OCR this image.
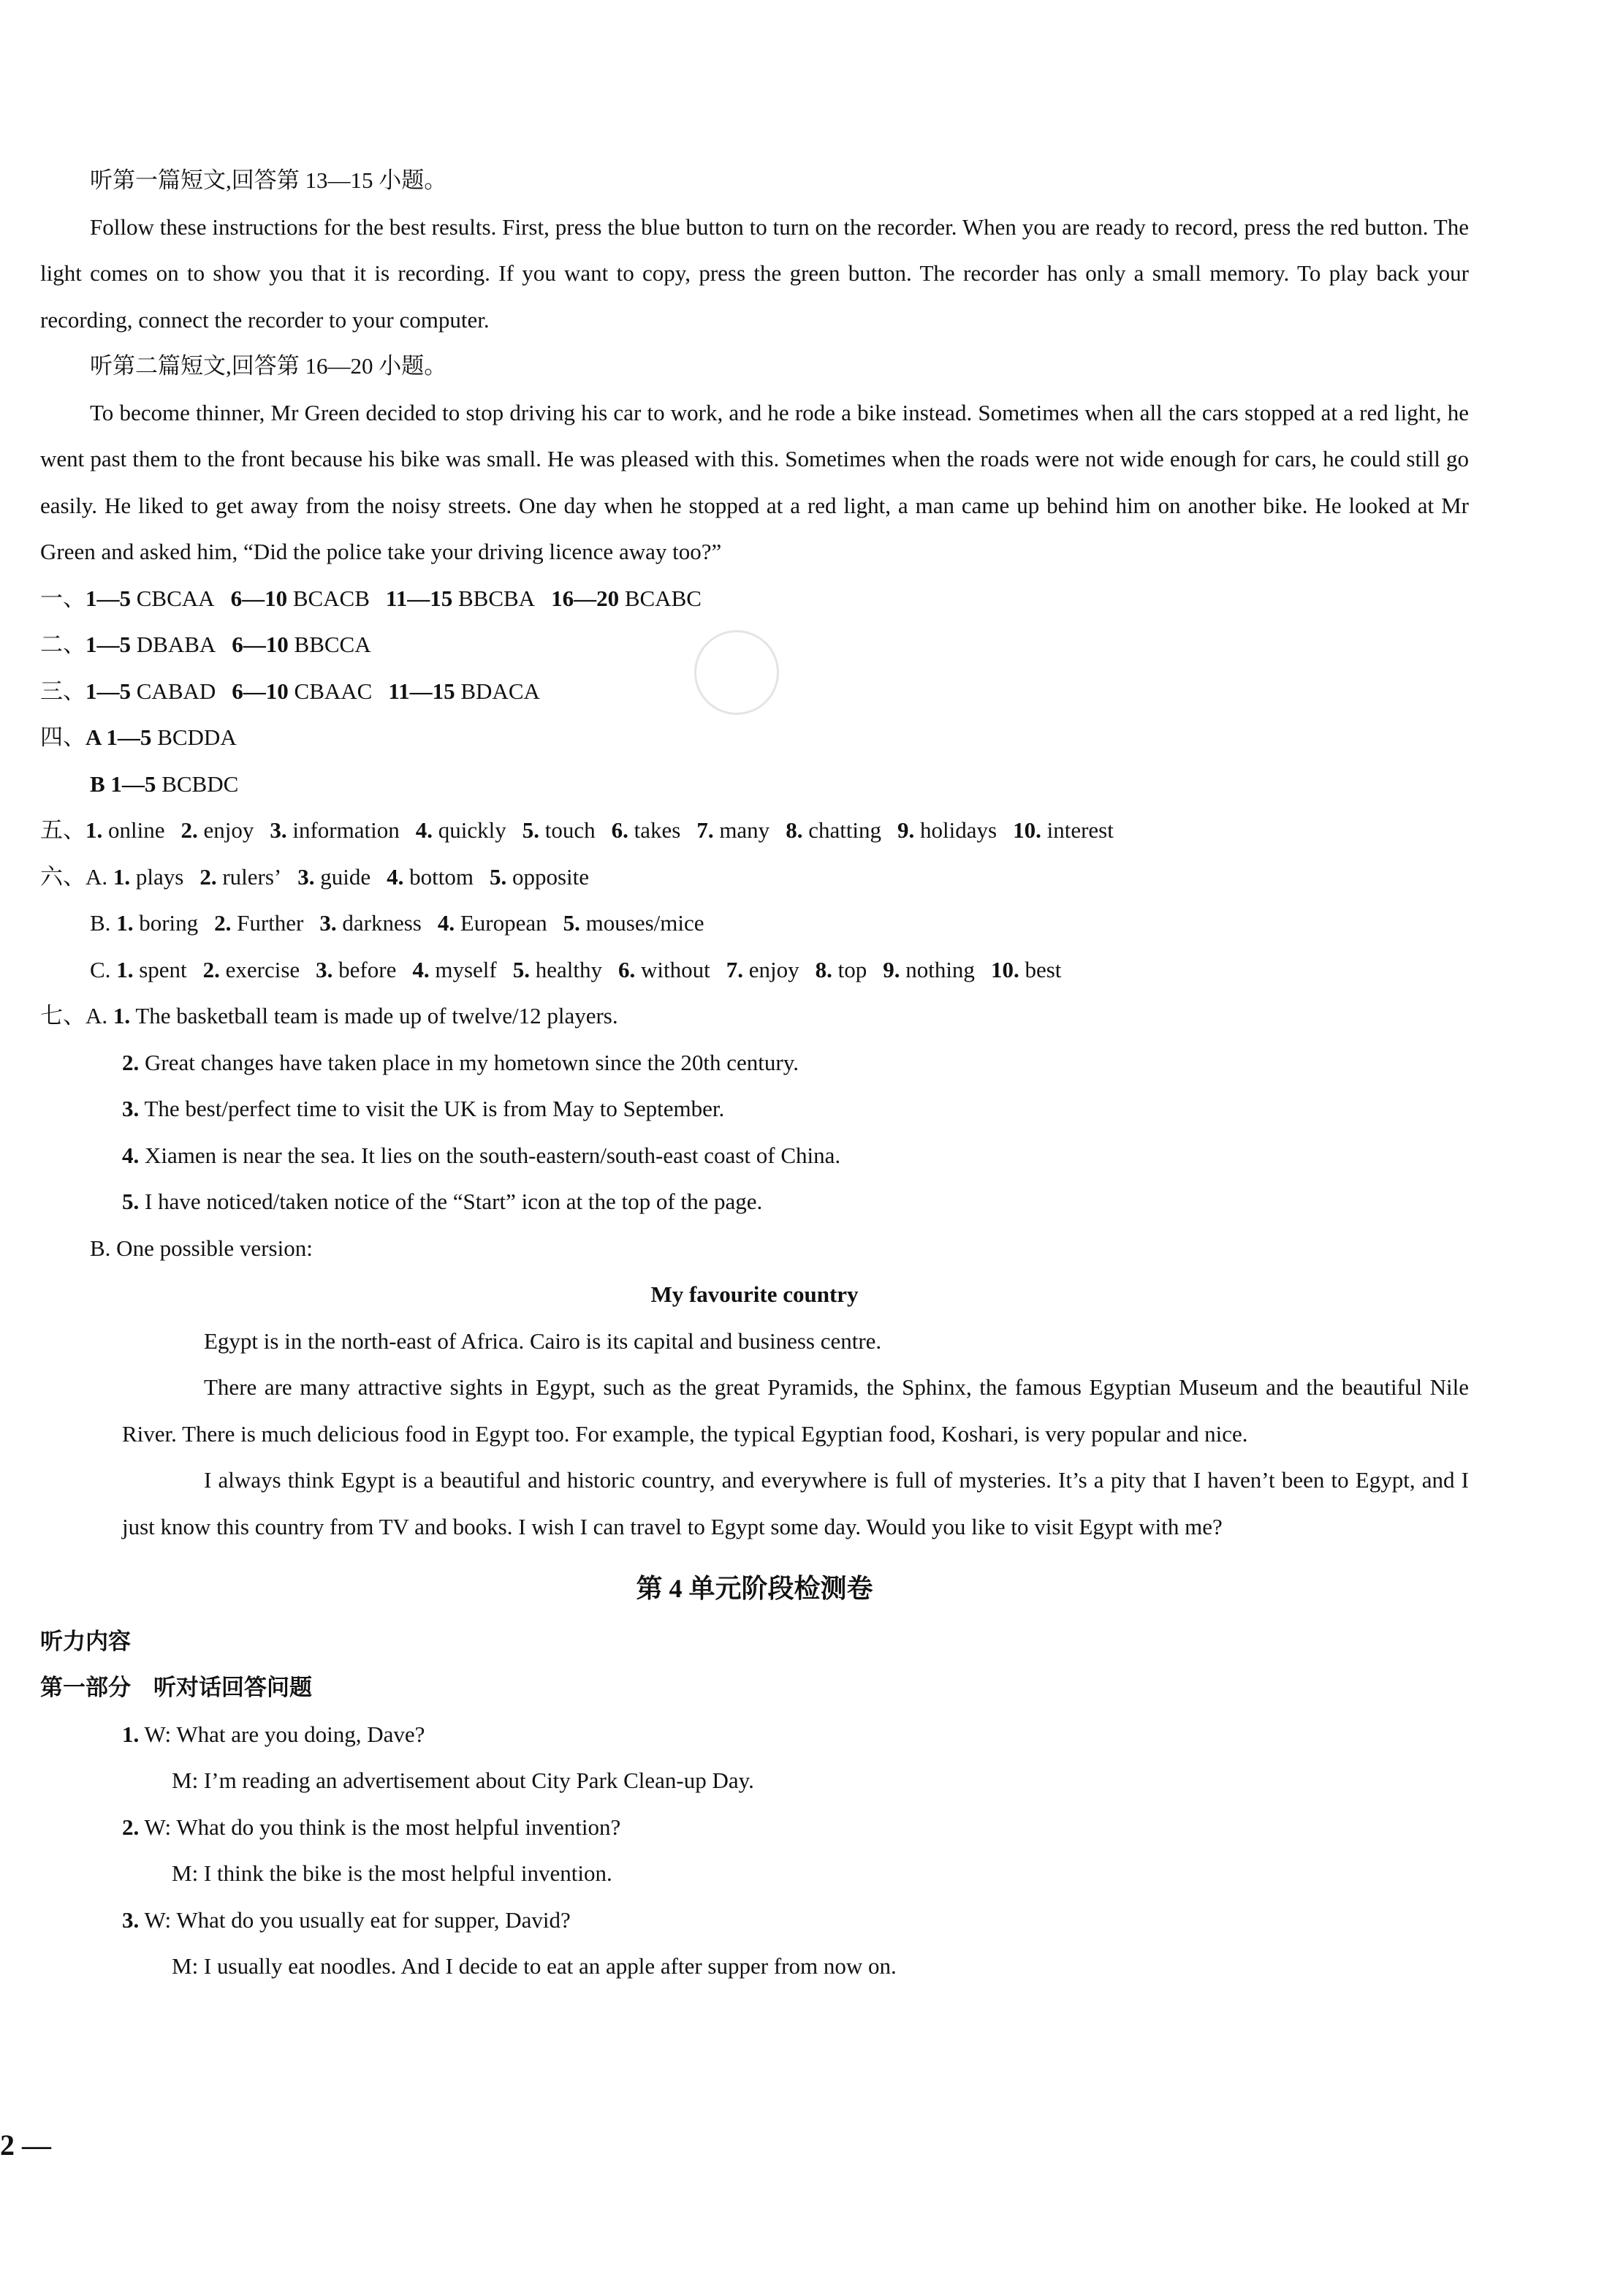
听第一篇短文,回答第 13—15 小题。

Follow these instructions for the best results. First, press the blue button to turn on the recorder. When you are ready to record, press the red button. The light comes on to show you that it is recording. If you want to copy, press the green button. The recorder has only a small memory. To play back your recording, connect the recorder to your computer.

听第二篇短文,回答第 16—20 小题。

To become thinner, Mr Green decided to stop driving his car to work, and he rode a bike instead. Sometimes when all the cars stopped at a red light, he went past them to the front because his bike was small. He was pleased with this. Sometimes when the roads were not wide enough for cars, he could still go easily. He liked to get away from the noisy streets. One day when he stopped at a red light, a man came up behind him on another bike. He looked at Mr Green and asked him, “Did the police take your driving licence away too?”

一、1—5 CBCAA 6—10 BCACB 11—15 BBCBA 16—20 BCABC

二、1—5 DBABA 6—10 BBCCA

三、1—5 CABAD 6—10 CBAAC 11—15 BDACA

四、A 1—5 BCDDA

B 1—5 BCBDC

五、1. online 2. enjoy 3. information 4. quickly 5. touch 6. takes 7. many 8. chatting 9. holidays 10. interest

六、A. 1. plays 2. rulers’ 3. guide 4. bottom 5. opposite

B. 1. boring 2. Further 3. darkness 4. European 5. mouses/mice

C. 1. spent 2. exercise 3. before 4. myself 5. healthy 6. without 7. enjoy 8. top 9. nothing 10. best

七、A. 1. The basketball team is made up of twelve/12 players.

2. Great changes have taken place in my hometown since the 20th century.

3. The best/perfect time to visit the UK is from May to September.

4. Xiamen is near the sea. It lies on the south-eastern/south-east coast of China.

5. I have noticed/taken notice of the “Start” icon at the top of the page.

B. One possible version:

My favourite country

Egypt is in the north-east of Africa. Cairo is its capital and business centre.

There are many attractive sights in Egypt, such as the great Pyramids, the Sphinx, the famous Egyptian Museum and the beautiful Nile River. There is much delicious food in Egypt too. For example, the typical Egyptian food, Koshari, is very popular and nice.

I always think Egypt is a beautiful and historic country, and everywhere is full of mysteries. It’s a pity that I haven’t been to Egypt, and I just know this country from TV and books. I wish I can travel to Egypt some day. Would you like to visit Egypt with me?

第 4 单元阶段检测卷

听力内容

第一部分　听对话回答问题

1. W: What are you doing, Dave?

M: I’m reading an advertisement about City Park Clean-up Day.

2. W: What do you think is the most helpful invention?

M: I think the bike is the most helpful invention.

3. W: What do you usually eat for supper, David?

M: I usually eat noodles. And I decide to eat an apple after supper from now on.

2 —
